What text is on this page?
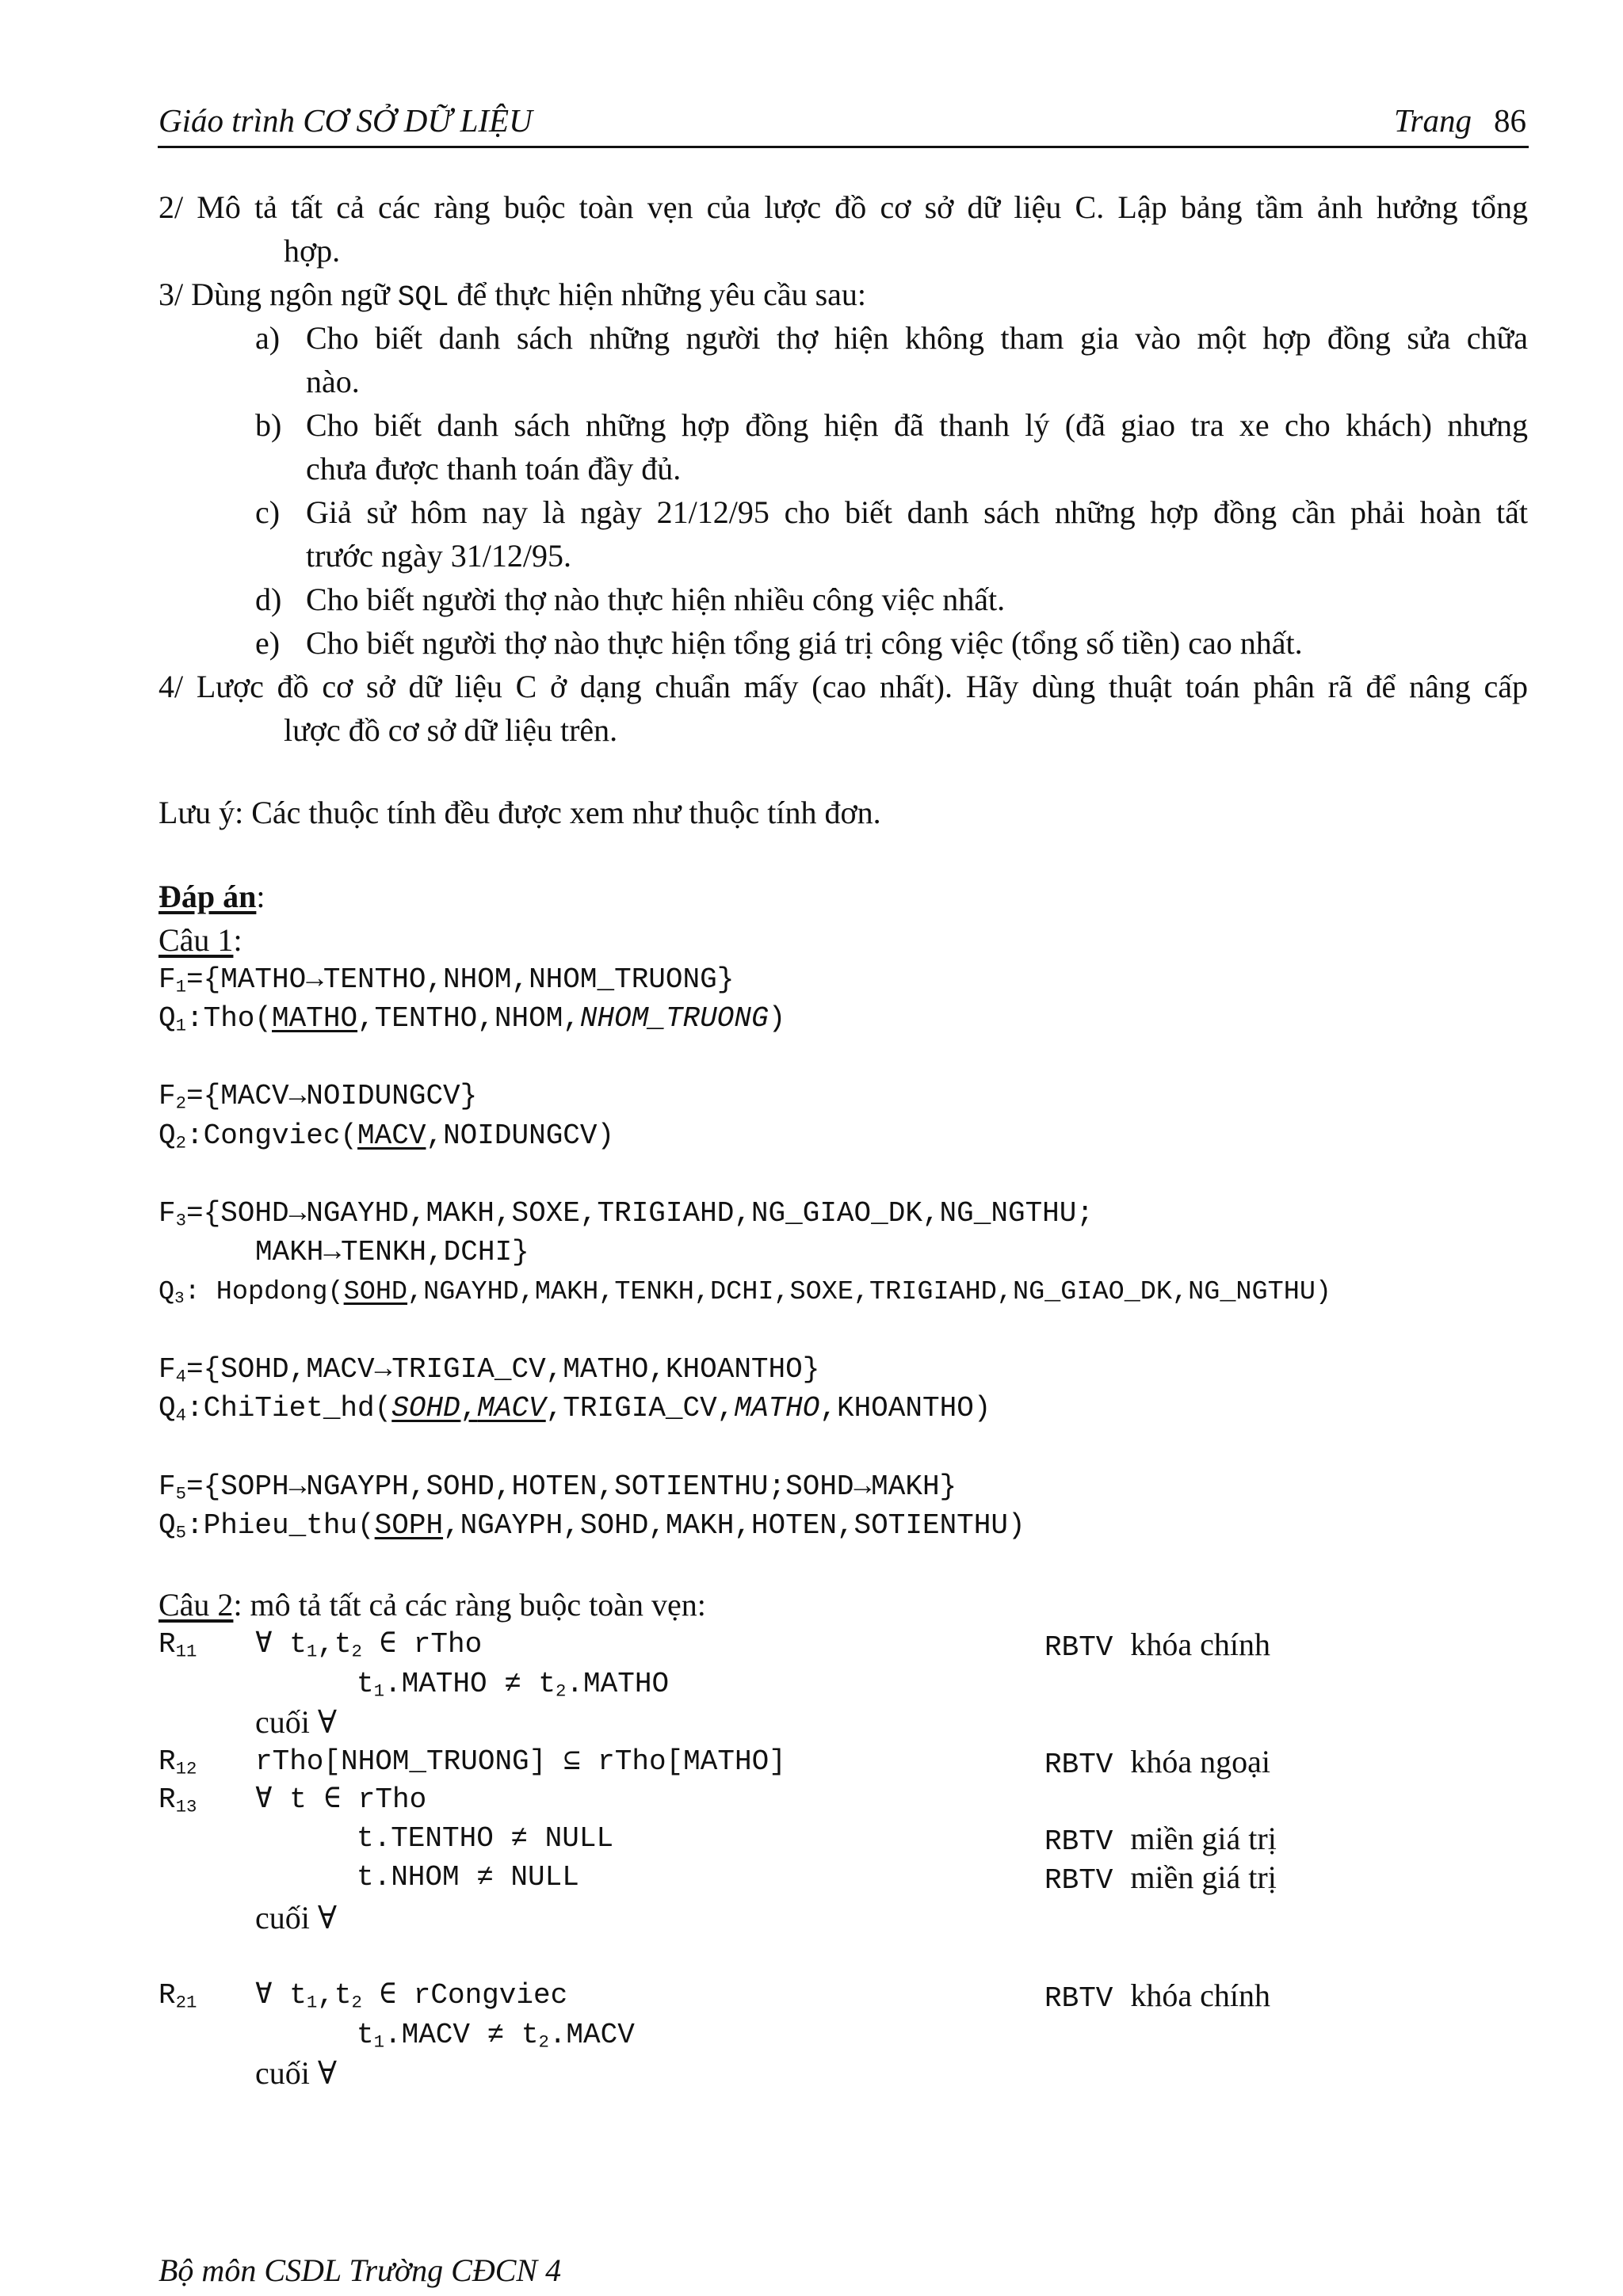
Giáo trình CƠ SỞ DỮ LIỆU	Trang 86
2/ Mô tả tất cả các ràng buộc toàn vẹn của lược đồ cơ sở dữ liệu C. Lập bảng tầm ảnh hưởng tổng
hợp.
3/ Dùng ngôn ngữ SQL để thực hiện những yêu cầu sau:
a) Cho biết danh sách những người thợ hiện không tham gia vào một hợp đồng sửa chữa
nào.
b) Cho biết danh sách những hợp đồng hiện đã thanh lý (đã giao tra xe cho khách) nhưng
chưa được thanh toán đầy đủ.
c) Giả sử hôm nay là ngày 21/12/95 cho biết danh sách những hợp đồng cần phải hoàn tất
trước ngày 31/12/95.
d) Cho biết người thợ nào thực hiện nhiều công việc nhất.
e) Cho biết người thợ nào thực hiện tổng giá trị công việc (tổng số tiền) cao nhất.
4/ Lược đồ cơ sở dữ liệu C ở dạng chuẩn mấy (cao nhất). Hãy dùng thuật toán phân rã để nâng cấp
lược đồ cơ sở dữ liệu trên.
Lưu ý: Các thuộc tính đều được xem như thuộc tính đơn.
Đáp án:
Câu 1:
$F_1=\{MATHO\to TENTHO,NHOM,NHOM\_TRUONG\}$
$Q_1:Tho(MATHO,TENTHO,NHOM,NHOM\_TRUONG)$
$F_2=\{MACV\to NOIDUNGCV\}$
$Q_2:Congviec(MACV,NOIDUNGCV)$
$F_3=\{SOHD\to NGAYHD,MAKH,SOXE,TRIGIAHD,NG\_GIAO\_DK,NG\_NGTHU$;
MAKH→TENKH,DCHI}
$Q_3$: Hopdong(SOHD,NGAYHD,MAKH,TENKH,DCHI,SOXE,TRIGIAHD,NG_GIAO_DK,NG_NGTHU)
$F_4=\{SOHD,MACV\to TRIGIA\_CV,MATHO,KHOANTHO\}$
$Q_4:ChiTiet\_hd(SOHD,MACV,TRIGIA\_CV,MATHO,KHOANTHO)$
$F_5=\{SOPH\to NGAYPH,SOHD,HOTEN,SOTIENTHU;SOHD\to MAKH\}$
$Q_5:Phieu\_thu(SOPH,NGAYPH,SOHD,MAKH,HOTEN,SOTIENTHU)$
Câu 2: mô tả tất cả các ràng buộc toàn vẹn:
$R_{11}$ ∀ $t_1,t_2$ ∈ rTho	RBTV khóa chính
$t_1.MATHO$ ≠ $t_2.MATHO$
cuối ∀
$R_{12}$ rTho[NHOM_TRUONG] ⊆ rTho[MATHO]	RBTV khóa ngoại
$R_{13}$ ∀ t ∈ rTho
t.TENTHO ≠ NULL	RBTV miền giá trị
t.NHOM ≠ NULL	RBTV miền giá trị
cuối ∀
$R_{21}$ ∀ $t_1,t_2$ ∈ rCongviec	RBTV khóa chính
$t_1.MACV$ ≠ $t_2.MACV$
cuối ∀
Bộ môn CSDL Trường CĐCN 4
